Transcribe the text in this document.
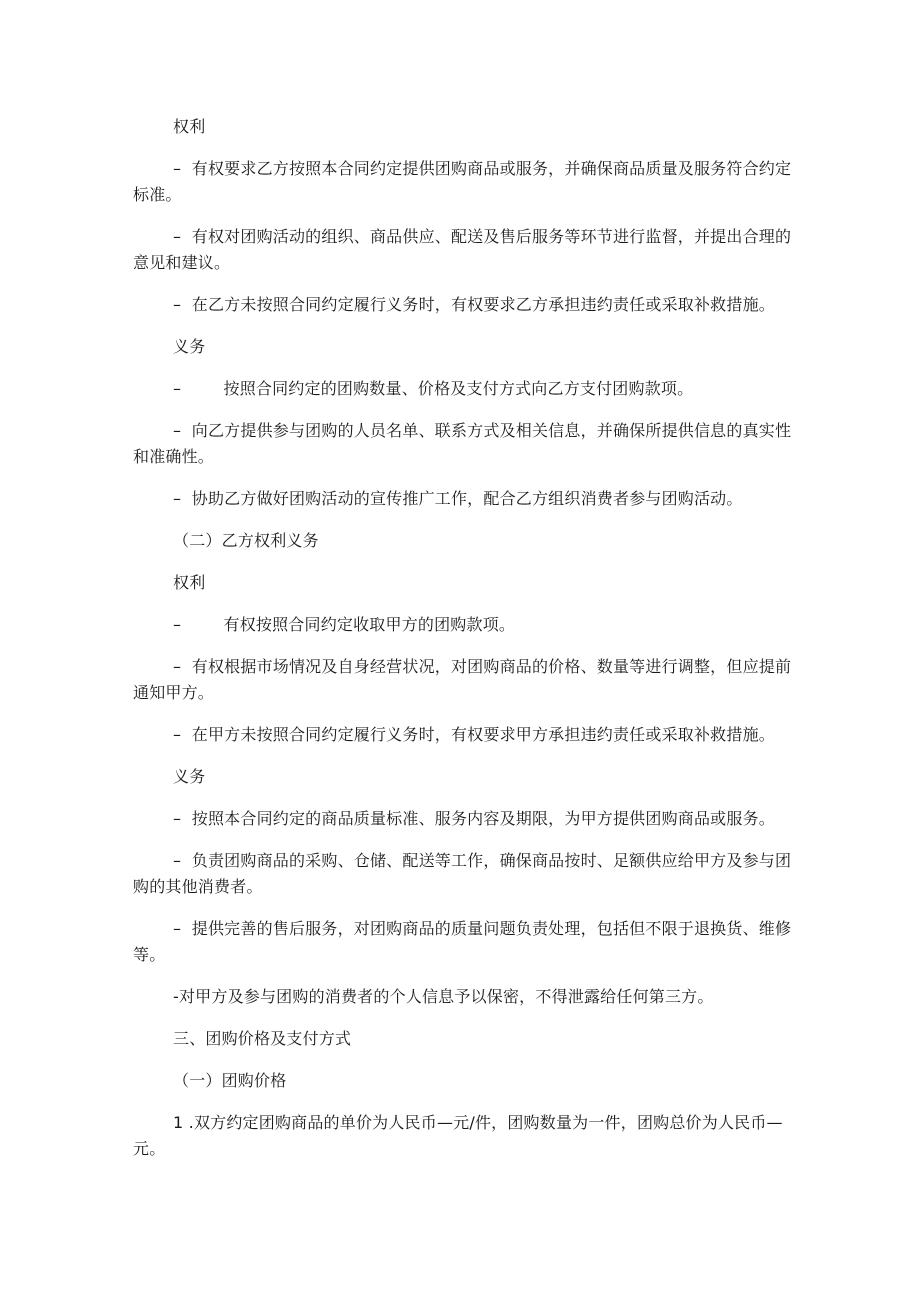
权利

–  有权要求乙方按照本合同约定提供团购商品或服务，并确保商品质量及服务符合约定标准。

–  有权对团购活动的组织、商品供应、配送及售后服务等环节进行监督，并提出合理的意见和建议。

–  在乙方未按照合同约定履行义务时，有权要求乙方承担违约责任或采取补救措施。

义务

–        按照合同约定的团购数量、价格及支付方式向乙方支付团购款项。

–  向乙方提供参与团购的人员名单、联系方式及相关信息，并确保所提供信息的真实性和准确性。

–  协助乙方做好团购活动的宣传推广工作，配合乙方组织消费者参与团购活动。

（二）乙方权利义务

权利

–        有权按照合同约定收取甲方的团购款项。

–  有权根据市场情况及自身经营状况，对团购商品的价格、数量等进行调整，但应提前通知甲方。

–  在甲方未按照合同约定履行义务时，有权要求甲方承担违约责任或采取补救措施。

义务

–  按照本合同约定的商品质量标准、服务内容及期限，为甲方提供团购商品或服务。

–  负责团购商品的采购、仓储、配送等工作，确保商品按时、足额供应给甲方及参与团购的其他消费者。

–  提供完善的售后服务，对团购商品的质量问题负责处理，包括但不限于退换货、维修等。

-对甲方及参与团购的消费者的个人信息予以保密，不得泄露给任何第三方。

三、团购价格及支付方式

（一）团购价格

1 .双方约定团购商品的单价为人民币—元/件，团购数量为一件，团购总价为人民币—元。
